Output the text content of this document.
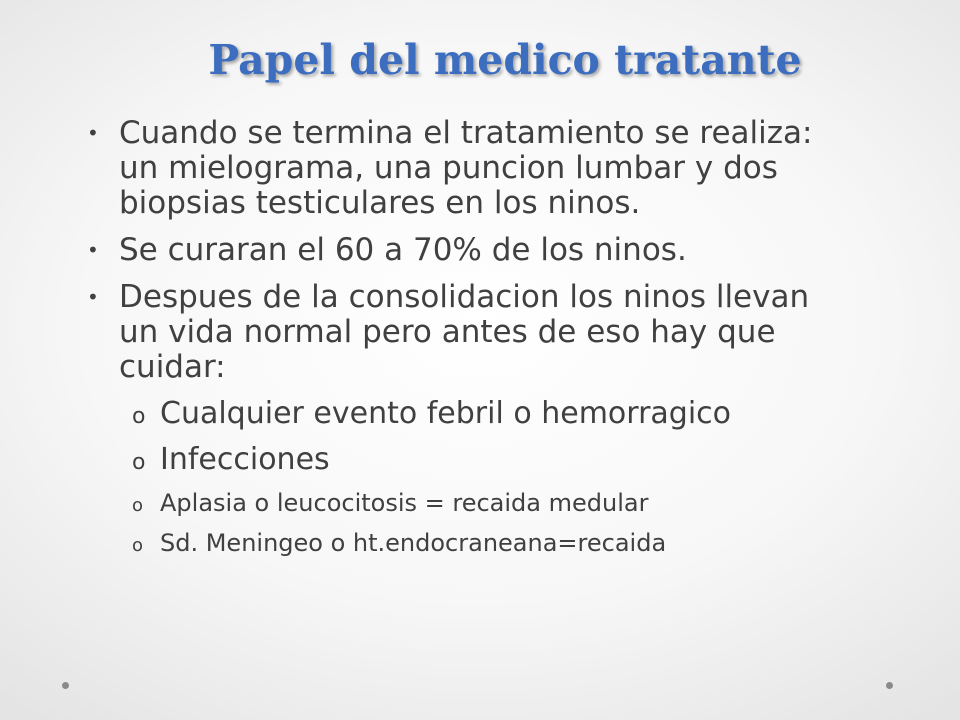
Papel del medico tratante
• Cuando se termina el tratamiento se realiza: un mielograma, una puncion lumbar y dos biopsias testiculares en los ninos.
• Se curaran el 60 a 70% de los ninos.
• Despues de la consolidacion los ninos llevan un vida normal pero antes de eso hay que cuidar:
o Cualquier evento febril o hemorragico
o Infecciones
o Aplasia o leucocitosis = recaida medular
o Sd. Meningeo o ht.endocraneana=recaida
